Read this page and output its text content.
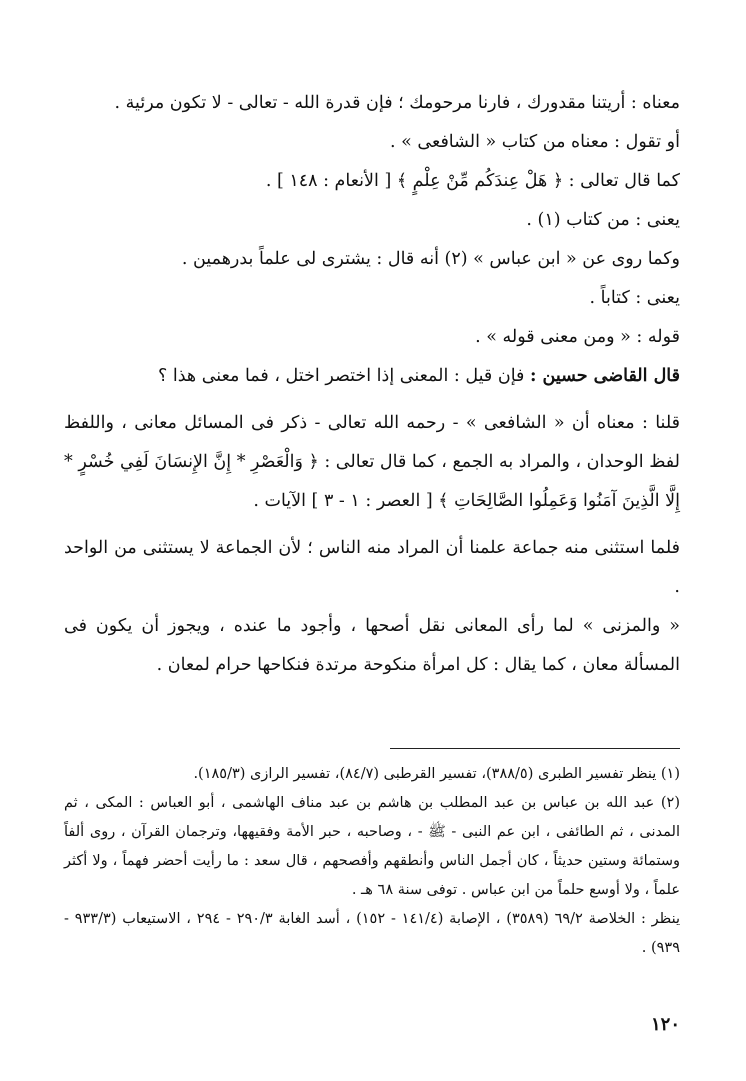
معناه : أريتنا مقدورك ، فارنا مرحومك ؛ فإن قدرة الله - تعالى - لا تكون مرئية .

أو تقول : معناه من كتاب « الشافعى » .

كما قال تعالى : ﴿ هَلْ عِندَكُم مِّنْ عِلْمٍ ﴾ [ الأنعام : ١٤٨ ] .

يعنى : من كتاب (١) .

وكما روى عن « ابن عباس » (٢) أنه قال : يشترى لى علماً بدرهمين .

يعنى : كتاباً .

قوله : « ومن معنى قوله » .

قال القاضى حسين : فإن قيل : المعنى إذا اختصر اختل ، فما معنى هذا ؟

قلنا : معناه أن « الشافعى » - رحمه الله تعالى - ذكر فى المسائل معانى ، واللفظ لفظ الوحدان ، والمراد به الجمع ، كما قال تعالى : ﴿ وَالْعَصْرِ * إِنَّ الإِنسَانَ لَفِي خُسْرٍ * إِلَّا الَّذِينَ آمَنُوا وَعَمِلُوا الصَّالِحَاتِ ﴾ [ العصر : ١ - ٣ ] الآيات .

فلما استثنى منه جماعة علمنا أن المراد منه الناس ؛ لأن الجماعة لا يستثنى من الواحد .

« والمزنى » لما رأى المعانى نقل أصحها ، وأجود ما عنده ، ويجوز أن يكون فى المسألة معان ، كما يقال : كل امرأة منكوحة مرتدة فنكاحها حرام لمعان .

(١) ينظر تفسير الطبرى (٣٨٨/٥)، تفسير القرطبى (٨٤/٧)، تفسير الرازى (١٨٥/٣).

(٢) عبد الله بن عباس بن عبد المطلب بن هاشم بن عبد مناف الهاشمى ، أبو العباس : المكى ، ثم المدنى ، ثم الطائفى ، ابن عم النبى - ﷺ - ، وصاحبه ، حبر الأمة وفقيهها، وترجمان القرآن ، روى ألفاً وستمائة وستين حديثاً ، كان أجمل الناس وأنطقهم وأفصحهم ، قال سعد : ما رأيت أحضر فهماً ، ولا أكثر علماً ، ولا أوسع حلماً من ابن عباس . توفى سنة ٦٨ هـ .

ينظر : الخلاصة ٦٩/٢ (٣٥٨٩) ، الإصابة (١٤١/٤ - ١٥٢) ، أسد الغابة ٢٩٠/٣ - ٢٩٤ ، الاستيعاب (٩٣٣/٣ - ٩٣٩) .

١٢٠
